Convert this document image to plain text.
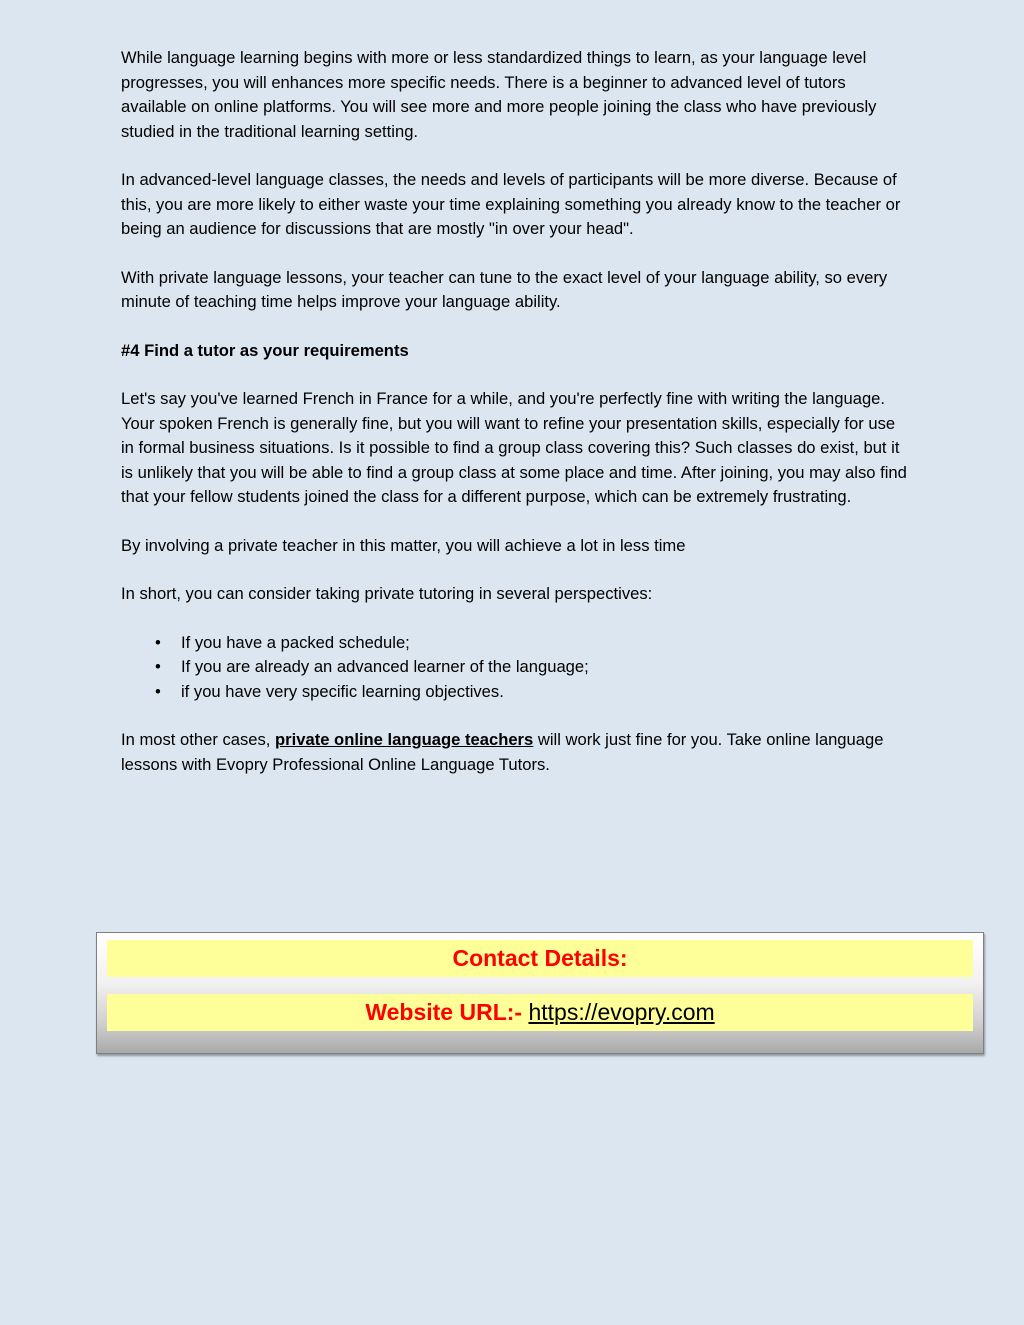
While language learning begins with more or less standardized things to learn, as your language level progresses, you will enhances more specific needs. There is a beginner to advanced level of tutors available on online platforms. You will see more and more people joining the class who have previously studied in the traditional learning setting.

In advanced-level language classes, the needs and levels of participants will be more diverse. Because of this, you are more likely to either waste your time explaining something you already know to the teacher or being an audience for discussions that are mostly "in over your head".

With private language lessons, your teacher can tune to the exact level of your language ability, so every minute of teaching time helps improve your language ability.

#4 Find a tutor as your requirements

Let's say you've learned French in France for a while, and you're perfectly fine with writing the language. Your spoken French is generally fine, but you will want to refine your presentation skills, especially for use in formal business situations. Is it possible to find a group class covering this? Such classes do exist, but it is unlikely that you will be able to find a group class at some place and time. After joining, you may also find that your fellow students joined the class for a different purpose, which can be extremely frustrating.

By involving a private teacher in this matter, you will achieve a lot in less time

In short, you can consider taking private tutoring in several perspectives:

• If you have a packed schedule;
• If you are already an advanced learner of the language;
• if you have very specific learning objectives.

In most other cases, private online language teachers will work just fine for you. Take online language lessons with Evopry Professional Online Language Tutors.

Contact Details:
Website URL:- https://evopry.com
